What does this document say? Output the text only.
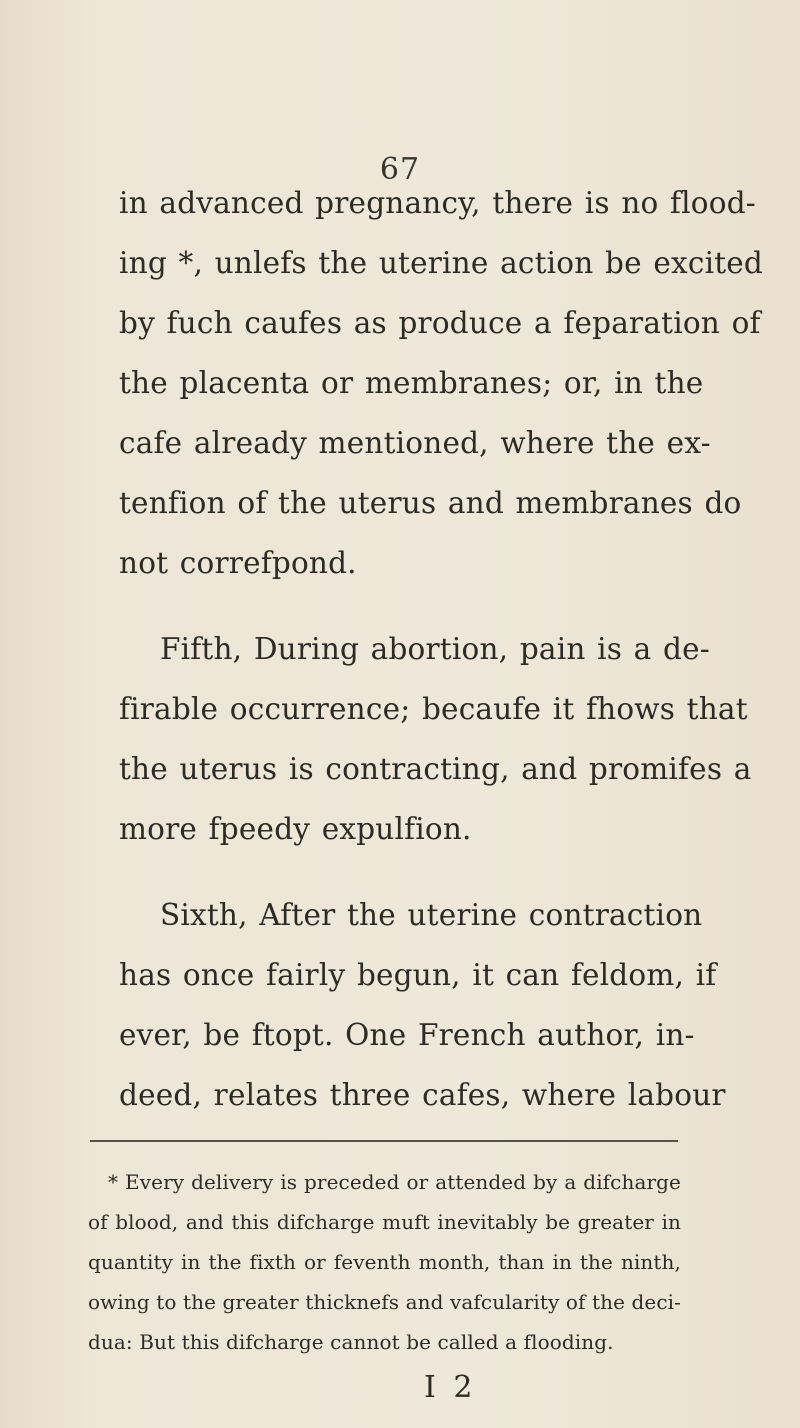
67
in advanced pregnancy, there is no flood-
ing *, unlefs the uterine action be excited
by fuch caufes as produce a feparation of
the placenta or membranes; or, in the
cafe already mentioned, where the ex-
tenfion of the uterus and membranes do
not correfpond.
Fifth, During abortion, pain is a de-
firable occurrence; becaufe it fhows that
the uterus is contracting, and promifes a
more fpeedy expulfion.
Sixth, After the uterine contraction
has once fairly begun, it can feldom, if
ever, be ftopt. One French author, in-
deed, relates three cafes, where labour
* Every delivery is preceded or attended by a difcharge
of blood, and this difcharge muft inevitably be greater in
quantity in the fixth or feventh month, than in the ninth,
owing to the greater thicknefs and vafcularity of the deci-
dua: But this difcharge cannot be called a flooding.
I 2
